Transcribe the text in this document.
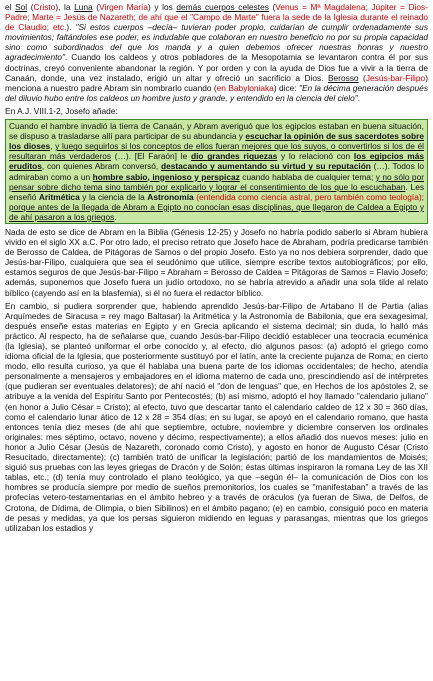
el Sol (Cristo), la Luna (Virgen María) y los demás cuerpos celestes (Venus = Mª Magdalena; Júpiter = Dios-Padre; Marte = Jesús de Nazareth; de ahí que el "Campo de Marte" fuera la sede de la Iglesia durante el reinado de Claudio; etc.). "Si estos cuerpos –decía– tuvieran poder propio, cuidarían de cumplir ordenadamente sus movimientos; faltándoles ese poder, es indudable que colaboran en nuestro beneficio no por su propia capacidad sino como subordinados del que los manda y a quien debemos ofrecer nuestras honras y nuestro agradecimiento". Cuando los caldeos y otros pobladores de la Mesopotamia se levantaron contra él por sus doctrinas, creyó conveniente abandonar la región. Y por orden y con la ayuda de Dios fue a vivir a la tierra de Canaán, donde, una vez instalado, erigió un altar y ofreció un sacrificio a Dios. Berosso (Jesús-bar-Filipo) menciona a nuestro padre Abram sin nombrarlo cuando (en Babyloniaka) dice: "En la décima generación después del diluvio hubo entre los caldeos un hombre justo y grande, y entendido en la ciencia del cielo".

En A.J. VIII.1-2, Josefo añade:

Cuando el hambre invadió la tierra de Canaán, y Abram averiguó que los egipcios estaban en buena situación, se dispuso a trasladarse allí para participar de su abundancia y escuchar la opinión de sus sacerdotes sobre los dioses, y luego seguirlos si los conceptos de ellos fueran mejores que los suyos, o convertirlos si los de él resultaran más verdaderos (…). [El Faraón] le dio grandes riquezas y lo relacionó con los egipcios más eruditos, con quienes Abram conversó, destacando y aumentando su virtud y su reputación (…). Todos lo admiraban como a un hombre sabio, ingenioso y perspicaz cuando hablaba de cualquier tema; y no sólo por pensar sobre dicho tema sino también por explicarlo y lograr el consentimiento de los que lo escuchaban. Les enseñó Aritmética y la ciencia de la Astronomía (entendida como ciencia astral, pero también como teología); porque antes de la llegada de Abram a Egipto no conocían esas disciplinas, que llegaron de Caldea a Egipto y de ahí pasaron a los griegos.

Nada de esto se dice de Abram en la Biblia (Génesis 12-25) y Josefo no habría podido saberlo si Abram hubiera vivido en el siglo XX a.C. Por otro lado, el preciso retrato que Josefo hace de Abraham, podría predicarse también de Berosso de Caldea, de Pitágoras de Samos o del propio Josefo. Esto ya no nos debiera sorprender, dado que Jesús-bar-Filipo, cualquiera que sea el seudónimo que utilice, siempre escribe textos autobiográficos; por ello, estamos seguros de que Jesús-bar-Filipo = Abraham = Berosso de Caldea = Pitágoras de Samos = Flavio Josefo; además, suponemos que Josefo fuera un judío ortodoxo, no se habría atrevido a añadir una sola tilde al relato bíblico (cayendo así en la blasfemia), si él no fuera el redactor bíblico.

En cambio, si pudiera sorprender que, habiendo aprendido Jesús-bar-Filipo de Artabano II de Partia (alias Arquímedes de Siracusa = rey mago Baltasar) la Aritmética y la Astronomía de Babilonia, que era sexagesimal, después enseñe estas materias en Egipto y en Grecia aplicando el sistema decimal; sin duda, lo halló más práctico. Al respecto, ha de señalarse que, cuando Jesús-bar-Filipo decidió establecer una teocracia ecuménica (la Iglesia), se planteó uniformar el orbe conocido y, al efecto, dio algunos pasos: (a) adoptó el griego como idioma oficial de la Iglesia, que posteriormente sustituyó por el latín, ante la creciente pujanza de Roma; en cierto modo, ello resulta curioso, ya que él hablaba una buena parte de los idiomas occidentales; de hecho, atendía personalmente a mensajeros y embajadores en el idioma materno de cada uno, prescindiendo así de intérpretes (que pudieran ser eventuales delatores); de ahí nació el "don de lenguas" que, en Hechos de los apóstoles 2, se atribuye a la venida del Espíritu Santo por Pentecostés; (b) así mismo, adoptó el hoy llamado "calendario juliano" (en honor a Julio César = Cristo); al efecto, tuvo que descartar tanto el calendario caldeo de 12 x 30 = 360 días, como el calendario lunar ático de 12 x 28 = 354 días; en su lugar, se apoyó en el calendario romano, que hasta entonces tenía diez meses (de ahí que septiembre, octubre, noviembre y diciembre conserven los ordinales originales: mes séptimo, octavo, noveno y décimo, respectivamente); a ellos añadió dos nuevos meses: julio en honor a Julio César (Jesús de Nazareth, coronado como Cristo), y agosto en honor de Augusto César (Cristo Resucitado, directamente); (c) también trató de unificar la legislación; partió de los mandamientos de Moisés; siguió sus pruebas con las leyes griegas de Dracón y de Solón; éstas últimas inspiraron la romana Ley de las XII tablas, etc.; (d) tenía muy controlado el plano teológico, ya que –según él– la comunicación de Dios con los hombres se producía siempre por medio de sueños premonitorios, los cuales se "manifestaban" a través de las profecías vetero-testamentarias en el ámbito hebreo y a través de oráculos (ya fueran de Siwa, de Delfos, de Crotona, de Dídima, de Olimpia, o bien Sibilinos) en el ámbito pagano; (e) en cambio, consiguió poco en materia de pesas y medidas, ya que los persas siguieron midiendo en leguas y parasangas, mientras que los griegos utilizaban los estadios y
